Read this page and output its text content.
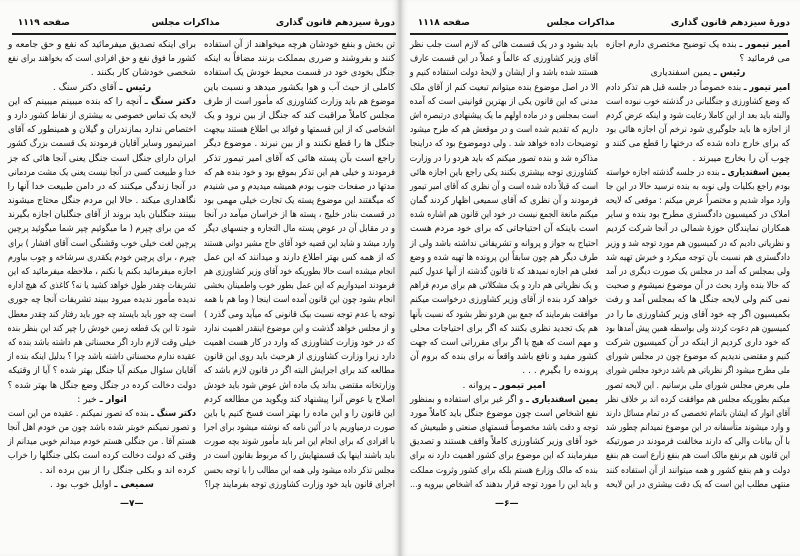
دورهٔ سیزدهم قانون گذاری
مذاکرات مجلس
صفحه ۱۱۱۹
تن بخش و بنفع خودشان هرچه میخواهند از آن استفاده
کنند و بفروشند و ضرری بمملکت بزنند مضافاً به اینکه
جنگل بخودی خود در قسمت محیط خودش یک استفاده
کاملی از حیث آب و هوا بکشور میدهد و نسبت باین
موضوع هم باید وزارت کشاورزی که مأمور است از طرف
مجلس کاملاً مراقبت کند که جنگل از بین نرود و یک
اشخاصی که از این قسمتها و فوائد بی اطلاع هستند بیجهت
جنگل ها را قطع نکنند و از بین نبرند . موضوع دیگر
راجع است بآن پسته هائی که آقای امیر تیمور تذکر
فرمودند و خیلی هم این تذکر بموقع بود و خود بنده هم که
مدتها در صفحات جنوب بودم همیشه میدیدم و می شنیدم
که میگفتند این موضوع پسته یک تجارت خیلی مهمی بود
در قسمت بنادر خلیج ، پسته ها از خراسان میآمد در آنجا
و در مقابل آن در عوض پسته مال التجاره و جنسهای دیگر
وارد میشد و شاید این قضیه خود آقای حاج مشیر دوانی هستند
که از همه کس بهتر اطلاع دارند و میدانند که این عمل
انجام میشده است حالا بطوریکه خود آقای وزیر کشاورزی هم
فرمودند امیدواریم که این عمل بطور خوب واطمینان بخشی
انجام بشود چون این قانون آمده است اینجا ( وما هم با همه
توجه یا عدم توجه نسبت بیک قانونی که میآید ومی گذرد )
و از مجلس خواهد گذشت و این موضوع اینقدر اهمیت ندارد
که در خود وزارت کشاورزی که وارد در کار هست اهمیت
دارد زیرا وزارت کشاورزی از هرحیث باید روی این قانون
مطالعه کند برای اجرایش البته اگر در قانون لازم باشد که
وزارتخانه مقتضی بداند یک ماده اش عوض شود باید خودش
اصلاح یا عوض آنرا پیشنهاد کند ویگوید من مطالعه کردم
این قانون را و این ماده را بهتر است فسخ کنیم یا باین
صورت درمیاوریم یا در آئین نامه که نوشته میشود برای اجرا
با افرادی که برای انجام این امر باید مأمور شوند بچه صورت
باید باشند اینها یک قسمتهایش را که مربوط بقانون است در
مجلس تذکر داده میشود ولی همه این مطالب را با توجه بحسن
اجرای قانون باید خود وزارت کشاورزی توجه بفرمایند چرا؟
برای اینکه تصدیق میفرمائید که نفع و حق جامعه و
کشور ما فوق نفع و حق افرادی است که بخواهند برای نفع
شخصی خودشان کار بکنند .
رئیس ـ آقای دکتر سنگ .
دکتر سنگ ـ آنچه را که بنده میبینم میبینم که این
لایحه یک تماس خصوصی به بیشتری از نقاط کشور دارد و
اختصاص ندارد بمازندران و گیلان و همینطور که آقای
امیرتیمور وسایر آقایان فرمودند یک قسمت بزرگ کشور
ایران دارای جنگل است جنگل یعنی آنجا هائی که جز
خدا و طبیعت کسی در آنجا نیست یعنی یک مشت مردمانی
در آنجا زندگی میکنند که در دامن طبیعت خدا آنها را
نگاهداری میکند . حالا این مردم جنگل محتاج میشوند
ببینند جنگلبان باید بروند از آقای جنگلبان اجازه بگیرند
که من برای چپرم ( ما میگوئیم چپر شما میگوئید پرچین
پرچین لغت خیلی خوب وقشنگی است آقای افشار ) برای
چپرم ، برای پرچین خودم یکقدری سرشاخه و چوب بیاورم
اجازه میفرمائید بکنم یا نکنم ، ملاحظه میفرمائید که این
تشریفات چقدر طول خواهد کشید یا نه؟ کاغذی که هیچ اداره
ندیده مأمور ندیده میرود ببیند تشریفات آنجا چه جوری
است چه جور باید بایستد چه جور باید رفتار کند چقدر معطل
شود تا این یک قطعه زمین خودش را چپر کند این بنظر بنده
خیلی وقت لازم دارد اگر محسناتی هم داشته باشد بنده که
عقیده ندارم محسناتی داشته باشد چرا ؟ بدلیل اینکه بنده از
آقایان سئوال میکنم آیا جنگل بهتر شده ؟ آیا از وقتیکه
دولت دخالت کرده در جنگل وضع جنگل ها بهتر شده ؟
انوار ـ خیر :
دکتر سنگ ـ بنده که تصور نمیکنم . عقیده من این است
و تصور نمیکنم خوبتر شده باشد چون من خودم اهل آنجا
هستم آقا . من جنگلی هستم خودم میدانم خوبی میدانم از
وقتی که دولت دخالت کرده است بکلی جنگلها را خراب
کرده اند و بکلی جنگل را از بین برده اند .
سمیعی ـ اوایل خوب بود .
—۷—
دورهٔ سیزدهم قانون گذاری
مذاکرات مجلس
صفحه ۱۱۱۸
امیر تیمور ـ بنده یک توضیح مختصری دارم اجازه
می فرمائید ؟
رئیس ـ یمین اسفندیاری
امیر تیمور ـ بنده خصوصاً در جلسه قبل هم تذکر دادم
که وضع کشاورزی و جنگلبانی در گذشته خوب نبوده است
والبته باید بعد از این کاملا رعایت شود و اینکه عرض کردم
از اجازه ها باید جلوگیری شود نرخم آن اجازه هائی بود
که برای خارج داده شده که درختها را قطع می کنند و
چوب آن را بخارج میبرند .
یمین اسفندیاری ـ بنده در جلسه گذشته اجازه خواسته
بودم راجع بکلیات ولی نوبه به بنده نرسید حالا در این جا
وارد مواد شدیم و مختصراً عرض میکنم : موقعی که لایحه
املاک در کمیسیون دادگستری مطرح بود بنده و سایر
همکاران نمایندگان حوزهٔ شمالی در آنجا شرکت کردیم
و نظریاتی دادیم که در کمیسیون هم مورد توجه شد و وزیر
دادگستری هم نسبت بآن توجه میکرد و خبرش تهیه شد
ولی بمجلس که آمد در مجلس یک صورت دیگری در آمد
که حالا بنده وارد بحث در آن موضوع نمیشوم و صحبت
نمی کنم ولی لایحه جنگل ها که بمجلس آمد و رفت
بکمیسیون اگر چه خود آقای وزیر کشاورزی ما را در
کمیسیون هم دعوت کردند ولی بواسطه همین پیش آمدها بود
که خود داری کردیم از اینکه در آن کمیسیون شرکت
کنیم و مقتضی ندیدیم که موضوع چون در مجلس شورای
ملی مطرح میشود اگر نظریاتی هم باشد درخود مجلس شورای
ملی بعرض مجلس شورای ملی برسانیم . این لایحه تصور
میکنم بطوریکه مجلس هم موافقت کرده اند بر خلاف نظر
آقای انوار که ایشان باتمام تخصصی که در تمام مسائل دارند
و وارد میشوند متأسفانه در این موضوع نمیدانم چطور شد
با آن بیانات والی که دارند مخالفت فرمودند در صورتیکه
این قانون هم برنفع مالک است هم بنفع زارع است هم بنفع
دولت و هم بنفع کشور و همه میتوانند از آن استفاده کنند
منتهی مطلب این است که یک دقت بیشتری در این لایحه
باید بشود و در یک قسمت هائی که لازم است جلب نظر
آقای وزیر کشاورزی که عالماً و عملاً در این قسمت عارف
هستند شده باشد و از ایشان و لایحهٔ دولت استفاده کنیم و
الا در اصل موضوع بنده میتوانم تبعیت کنم از آقای ملک
مدنی که این قانون یکی از بهترین قوانینی است که آمده
است بمجلس و در ماده اولهم ما یک پیشنهادی درتبصره اش
داریم که تقدیم شده است و در موقعش هم که طرح میشود
توضیحات داده خواهد شد . ولی دوموضوع بود که دراینجا
مذاکره شد و بنده تصور میکنم که باید هردو را در وزارت
کشاورزی توجه بیشتری بکنند یکی راجع باین اجازه هائی
است که قبلاً داده شده است و آن نظری که آقای امیر تیمور
فرمودند و آن نظری که آقای سمیعی اظهار کردند گمان
میکنم مانعة الجمع نیست در خود این قانون هم اشاره شده
است باینکه آن احتیاجاتی که برای خود مردم هست
احتیاج به جواز و پروانه و تشریفاتی نداشته باشد ولی از
طرف دیگر هم چون سابقاً این پرونده ها تهیه شده و وضع
فعلی هم اجازه نمیدهد که تا قانون گذشته از آنها عدول کنیم
و یک نظریاتی هم دارد و یک مشکلاتی هم برای مردم فراهم
خواهد کرد بنده از آقای وزیر کشاورزی درخواست میکنم
موافقت بفرمایند که جمع بین هردو نظر بشود که نسبت بآنها
هم یک تجدید نظری بکنند که اگر برای احتیاجات محلی
و مهم است که هیچ یا اگر برای مقرراتی است که جهت
کشور مفید و نافع باشد واقعاً نه برای بنده که بروم آن
پرونده را بگیرم . . .
امیر تیمور ـ پروانه .
یمین اسفندیاری ـ و اگر غیر برای استفاده و بمنظور
نفع اشخاص است چون موضوع جنگل باید کاملاً مورد
توجه و دقت باشد مخصوصاً قسمتهای صنعتی و طبیعیش که
خود آقای وزیر کشاورزی کاملاً واقف هستند و تصدیق
میفرمایند که این موضوع برای کشور اهمیت دارد نه برای
بنده که مالک وزارع هستم بلکه برای کشور وثروت مملکت
و باید این را مورد توجه قرار بدهند که اشخاص بیرویه و...
—۶—
